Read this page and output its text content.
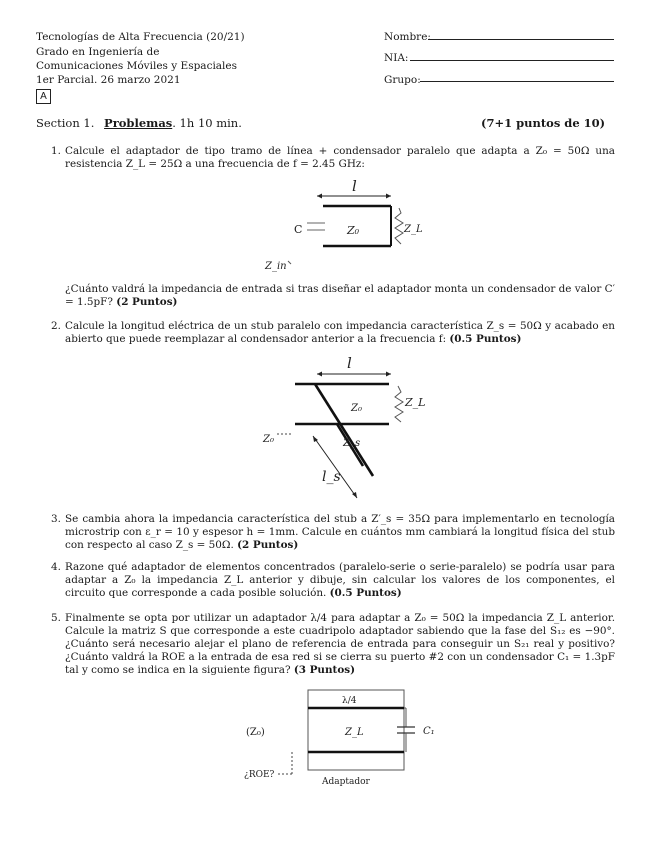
Tecnologías de Alta Frecuencia (20/21)
Grado en Ingeniería de
Comunicaciones Móviles y Espaciales
1er Parcial. 26 marzo 2021
A
Nombre:
NIA:
Grupo:
Section 1. Problemas. 1h 10 min.	(7+1 puntos de 10)
1. Calcule el adaptador de tipo tramo de línea + condensador paralelo que adapta a Z₀ = 50Ω una resistencia Z_L = 25Ω a una frecuencia de f = 2.45 GHz:
l
C	Z₀	Z_L
Z_in
¿Cuánto valdrá la impedancia de entrada si tras diseñar el adaptador monta un condensador de valor C′ = 1.5pF? (2 Puntos)
2. Calcule la longitud eléctrica de un stub paralelo con impedancia característica Z_s = 50Ω y acabado en abierto que puede reemplazar al condensador anterior a la frecuencia f: (0.5 Puntos)
l
Z₀	Z_L
Z₀	Z_s
l_s
3. Se cambia ahora la impedancia característica del stub a Z′_s = 35Ω para implementarlo en tecnología microstrip con ε_r = 10 y espesor h = 1mm. Calcule en cuántos mm cambiará la longitud física del stub con respecto al caso Z_s = 50Ω. (2 Puntos)
4. Razone qué adaptador de elementos concentrados (paralelo-serie o serie-paralelo) se podría usar para adaptar a Z₀ la impedancia Z_L anterior y dibuje, sin calcular los valores de los componentes, el circuito que corresponde a cada posible solución. (0.5 Puntos)
5. Finalmente se opta por utilizar un adaptador λ/4 para adaptar a Z₀ = 50Ω la impedancia Z_L anterior. Calcule la matriz S que corresponde a este cuadripolo adaptador sabiendo que la fase del S₁₂ es −90°. ¿Cuánto será necesario alejar el plano de referencia de entrada para conseguir un S₂₁ real y positivo? ¿Cuánto valdrá la ROE a la entrada de esa red si se cierra su puerto #2 con un condensador C₁ = 1.3pF tal y como se indica en la siguiente figura? (3 Puntos)
λ/4
Z_L
(Z₀)	C₁
¿ROE?
Adaptador
